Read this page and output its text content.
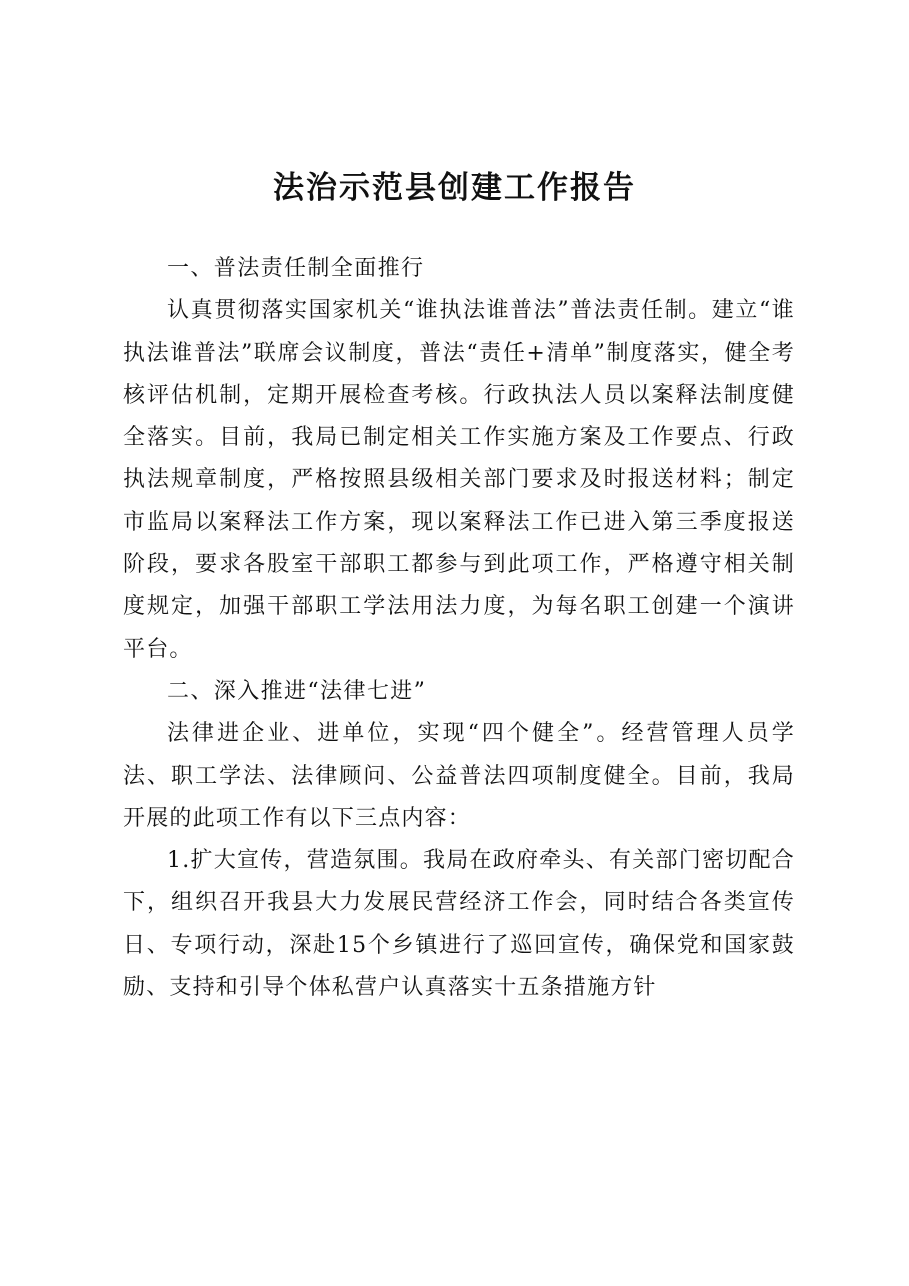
法治示范县创建工作报告

一、普法责任制全面推行

认真贯彻落实国家机关“谁执法谁普法”普法责任制。建立“谁执法谁普法”联席会议制度，普法“责任+清单”制度落实，健全考核评估机制，定期开展检查考核。行政执法人员以案释法制度健全落实。目前，我局已制定相关工作实施方案及工作要点、行政执法规章制度，严格按照县级相关部门要求及时报送材料；制定市监局以案释法工作方案，现以案释法工作已进入第三季度报送阶段，要求各股室干部职工都参与到此项工作，严格遵守相关制度规定，加强干部职工学法用法力度，为每名职工创建一个演讲平台。

二、深入推进“法律七进”

法律进企业、进单位，实现“四个健全”。经营管理人员学法、职工学法、法律顾问、公益普法四项制度健全。目前，我局开展的此项工作有以下三点内容：

1.扩大宣传，营造氛围。我局在政府牵头、有关部门密切配合下，组织召开我县大力发展民营经济工作会，同时结合各类宣传日、专项行动，深赴15个乡镇进行了巡回宣传，确保党和国家鼓励、支持和引导个体私营户认真落实十五条措施方针
